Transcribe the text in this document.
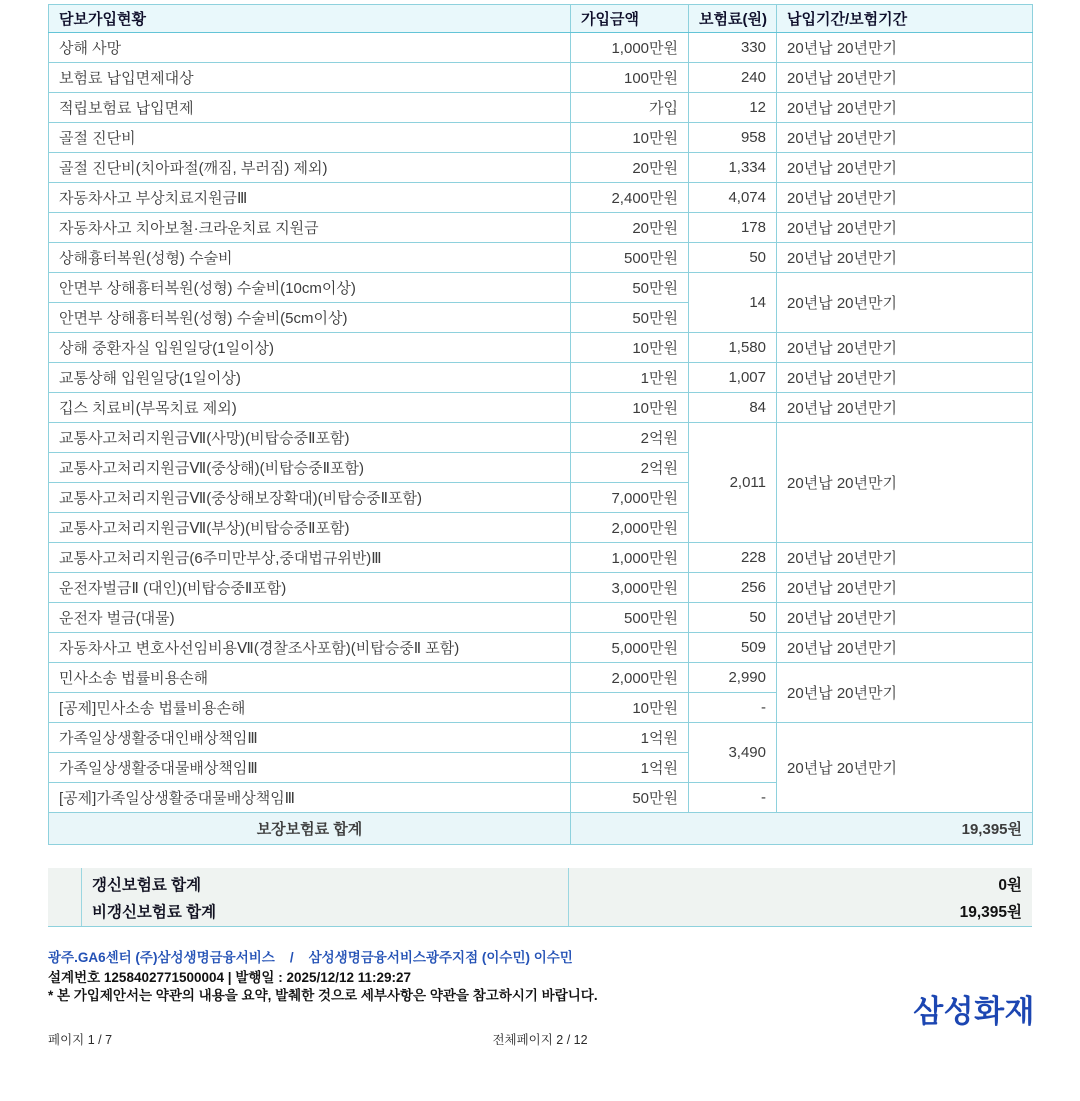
담보가입현황	가입금액	보험료(원)	납입기간/보험기간
상해 사망	1,000만원	330	20년납 20년만기
보험료 납입면제대상	100만원	240	20년납 20년만기
적립보험료 납입면제	가입	12	20년납 20년만기
골절 진단비	10만원	958	20년납 20년만기
골절 진단비(치아파절(깨짐, 부러짐) 제외)	20만원	1,334	20년납 20년만기
자동차사고 부상치료지원금Ⅲ	2,400만원	4,074	20년납 20년만기
자동차사고 치아보철·크라운치료 지원금	20만원	178	20년납 20년만기
상해흉터복원(성형) 수술비	500만원	50	20년납 20년만기
안면부 상해흉터복원(성형) 수술비(10cm이상)	50만원	14	20년납 20년만기
안면부 상해흉터복원(성형) 수술비(5cm이상)	50만원		
상해 중환자실 입원일당(1일이상)	10만원	1,580	20년납 20년만기
교통상해 입원일당(1일이상)	1만원	1,007	20년납 20년만기
깁스 치료비(부목치료 제외)	10만원	84	20년납 20년만기
교통사고처리지원금Ⅶ(사망)(비탑승중Ⅱ포함)	2억원	2,011	20년납 20년만기
교통사고처리지원금Ⅶ(중상해)(비탑승중Ⅱ포함)	2억원		
교통사고처리지원금Ⅶ(중상해보장확대)(비탑승중Ⅱ포함)	7,000만원		
교통사고처리지원금Ⅶ(부상)(비탑승중Ⅱ포함)	2,000만원		
교통사고처리지원금(6주미만부상,중대법규위반)Ⅲ	1,000만원	228	20년납 20년만기
운전자벌금Ⅱ (대인)(비탑승중Ⅱ포함)	3,000만원	256	20년납 20년만기
운전자 벌금(대물)	500만원	50	20년납 20년만기
자동차사고 변호사선임비용Ⅶ(경찰조사포함)(비탑승중Ⅱ 포함)	5,000만원	509	20년납 20년만기
민사소송 법률비용손해	2,000만원	2,990	20년납 20년만기
[공제]민사소송 법률비용손해	10만원	-	
가족일상생활중대인배상책임Ⅲ	1억원	3,490	20년납 20년만기
가족일상생활중대물배상책임Ⅲ	1억원		
[공제]가족일상생활중대물배상책임Ⅲ	50만원	-	
보장보험료 합계	19,395원		
갱신보험료 합계	0원
비갱신보험료 합계	19,395원
광주.GA6센터 (주)삼성생명금융서비스    /    삼성생명금융서비스광주지점 (이수민) 이수민
설계번호 1258402771500004 | 발행일 : 2025/12/12 11:29:27
* 본 가입제안서는 약관의 내용을 요약, 발췌한 것으로 세부사항은 약관을 참고하시기 바랍니다.
페이지 1 / 7	전체페이지 2 / 12
삼성화재
